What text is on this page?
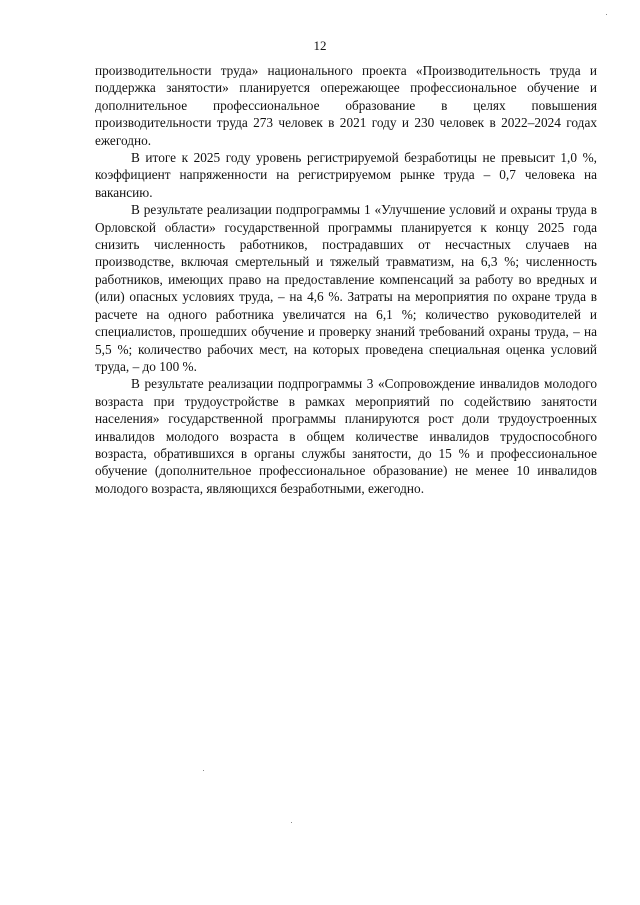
12

производительности труда» национального проекта «Производительность труда и поддержка занятости» планируется опережающее профессиональное обучение и дополнительное профессиональное образование в целях повышения производительности труда 273 человек в 2021 году и 230 человек в 2022–2024 годах ежегодно.

В итоге к 2025 году уровень регистрируемой безработицы не превысит 1,0 %, коэффициент напряженности на регистрируемом рынке труда – 0,7 человека на вакансию.

В результате реализации подпрограммы 1 «Улучшение условий и охраны труда в Орловской области» государственной программы планируется к концу 2025 года снизить численность работников, пострадавших от несчастных случаев на производстве, включая смертельный и тяжелый травматизм, на 6,3 %; численность работников, имеющих право на предоставление компенсаций за работу во вредных и (или) опасных условиях труда, – на 4,6 %. Затраты на мероприятия по охране труда в расчете на одного работника увеличатся на 6,1 %; количество руководителей и специалистов, прошедших обучение и проверку знаний требований охраны труда, – на 5,5 %; количество рабочих мест, на которых проведена специальная оценка условий труда, – до 100 %.

В результате реализации подпрограммы 3 «Сопровождение инвалидов молодого возраста при трудоустройстве в рамках мероприятий по содействию занятости населения» государственной программы планируются рост доли трудоустроенных инвалидов молодого возраста в общем количестве инвалидов трудоспособного возраста, обратившихся в органы службы занятости, до 15 % и профессиональное обучение (дополнительное профессиональное образование) не менее 10 инвалидов молодого возраста, являющихся безработными, ежегодно.
